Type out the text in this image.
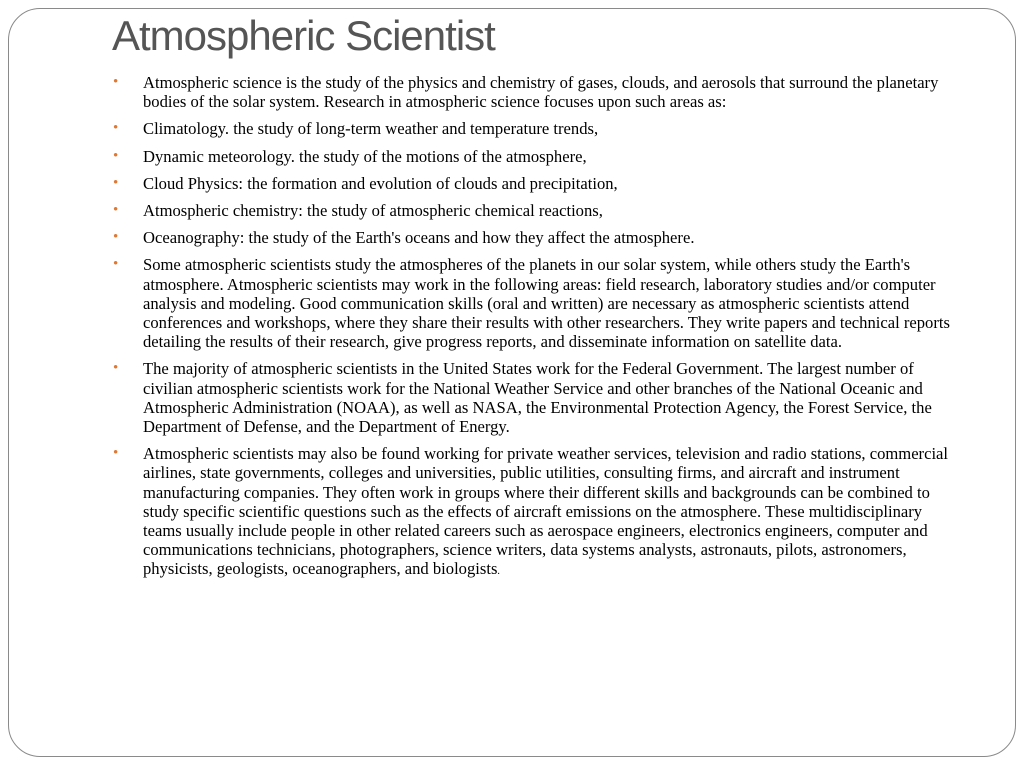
Atmospheric Scientist
• Atmospheric science is the study of the physics and chemistry of gases, clouds, and aerosols that surround the planetary bodies of the solar system. Research in atmospheric science focuses upon such areas as:
• Climatology. the study of long-term weather and temperature trends,
• Dynamic meteorology. the study of the motions of the atmosphere,
• Cloud Physics: the formation and evolution of clouds and precipitation,
• Atmospheric chemistry: the study of atmospheric chemical reactions,
• Oceanography: the study of the Earth's oceans and how they affect the atmosphere.
• Some atmospheric scientists study the atmospheres of the planets in our solar system, while others study the Earth's atmosphere. Atmospheric scientists may work in the following areas: field research, laboratory studies and/or computer analysis and modeling. Good communication skills (oral and written) are necessary as atmospheric scientists attend conferences and workshops, where they share their results with other researchers. They write papers and technical reports detailing the results of their research, give progress reports, and disseminate information on satellite data.
• The majority of atmospheric scientists in the United States work for the Federal Government. The largest number of civilian atmospheric scientists work for the National Weather Service and other branches of the National Oceanic and Atmospheric Administration (NOAA), as well as NASA, the Environmental Protection Agency, the Forest Service, the Department of Defense, and the Department of Energy.
• Atmospheric scientists may also be found working for private weather services, television and radio stations, commercial airlines, state governments, colleges and universities, public utilities, consulting firms, and aircraft and instrument manufacturing companies. They often work in groups where their different skills and backgrounds can be combined to study specific scientific questions such as the effects of aircraft emissions on the atmosphere. These multidisciplinary teams usually include people in other related careers such as aerospace engineers, electronics engineers, computer and communications technicians, photographers, science writers, data systems analysts, astronauts, pilots, astronomers, physicists, geologists, oceanographers, and biologists.
